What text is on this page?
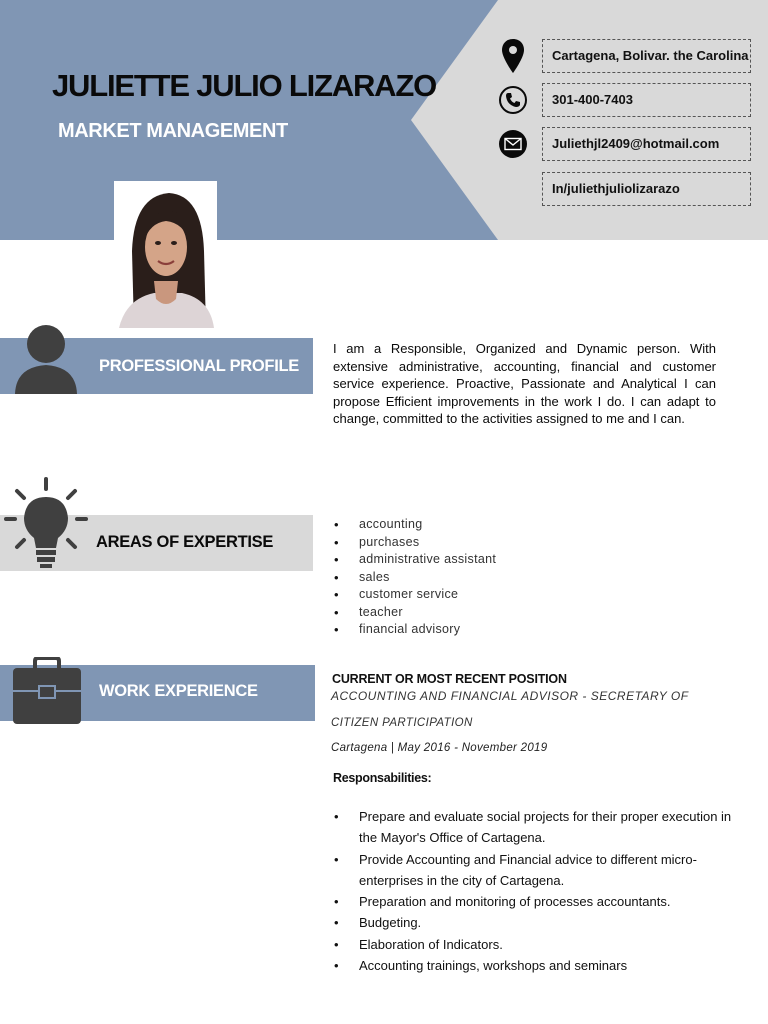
JULIETTE JULIO LIZARAZO
MARKET MANAGEMENT
Cartagena, Bolivar. the Carolina
301-400-7403
Juliethjl2409@hotmail.com
In/juliethjuliolizarazo
PROFESSIONAL PROFILE
I am a Responsible, Organized and Dynamic person. With extensive administrative, accounting, financial and customer service experience. Proactive, Passionate and Analytical I can propose Efficient improvements in the work I do. I can adapt to change, committed to the activities assigned to me and I can.
AREAS OF EXPERTISE
• accounting
• purchases
• administrative assistant
• sales
• customer service
• teacher
• financial advisory
WORK EXPERIENCE
CURRENT OR MOST RECENT POSITION
ACCOUNTING AND FINANCIAL ADVISOR - SECRETARY OF
CITIZEN PARTICIPATION
Cartagena | May 2016 - November 2019
Responsabilities:
• Prepare and evaluate social projects for their proper execution in the Mayor's Office of Cartagena.
• Provide Accounting and Financial advice to different micro-enterprises in the city of Cartagena.
• Preparation and monitoring of processes accountants.
• Budgeting.
• Elaboration of Indicators.
• Accounting trainings, workshops and seminars
